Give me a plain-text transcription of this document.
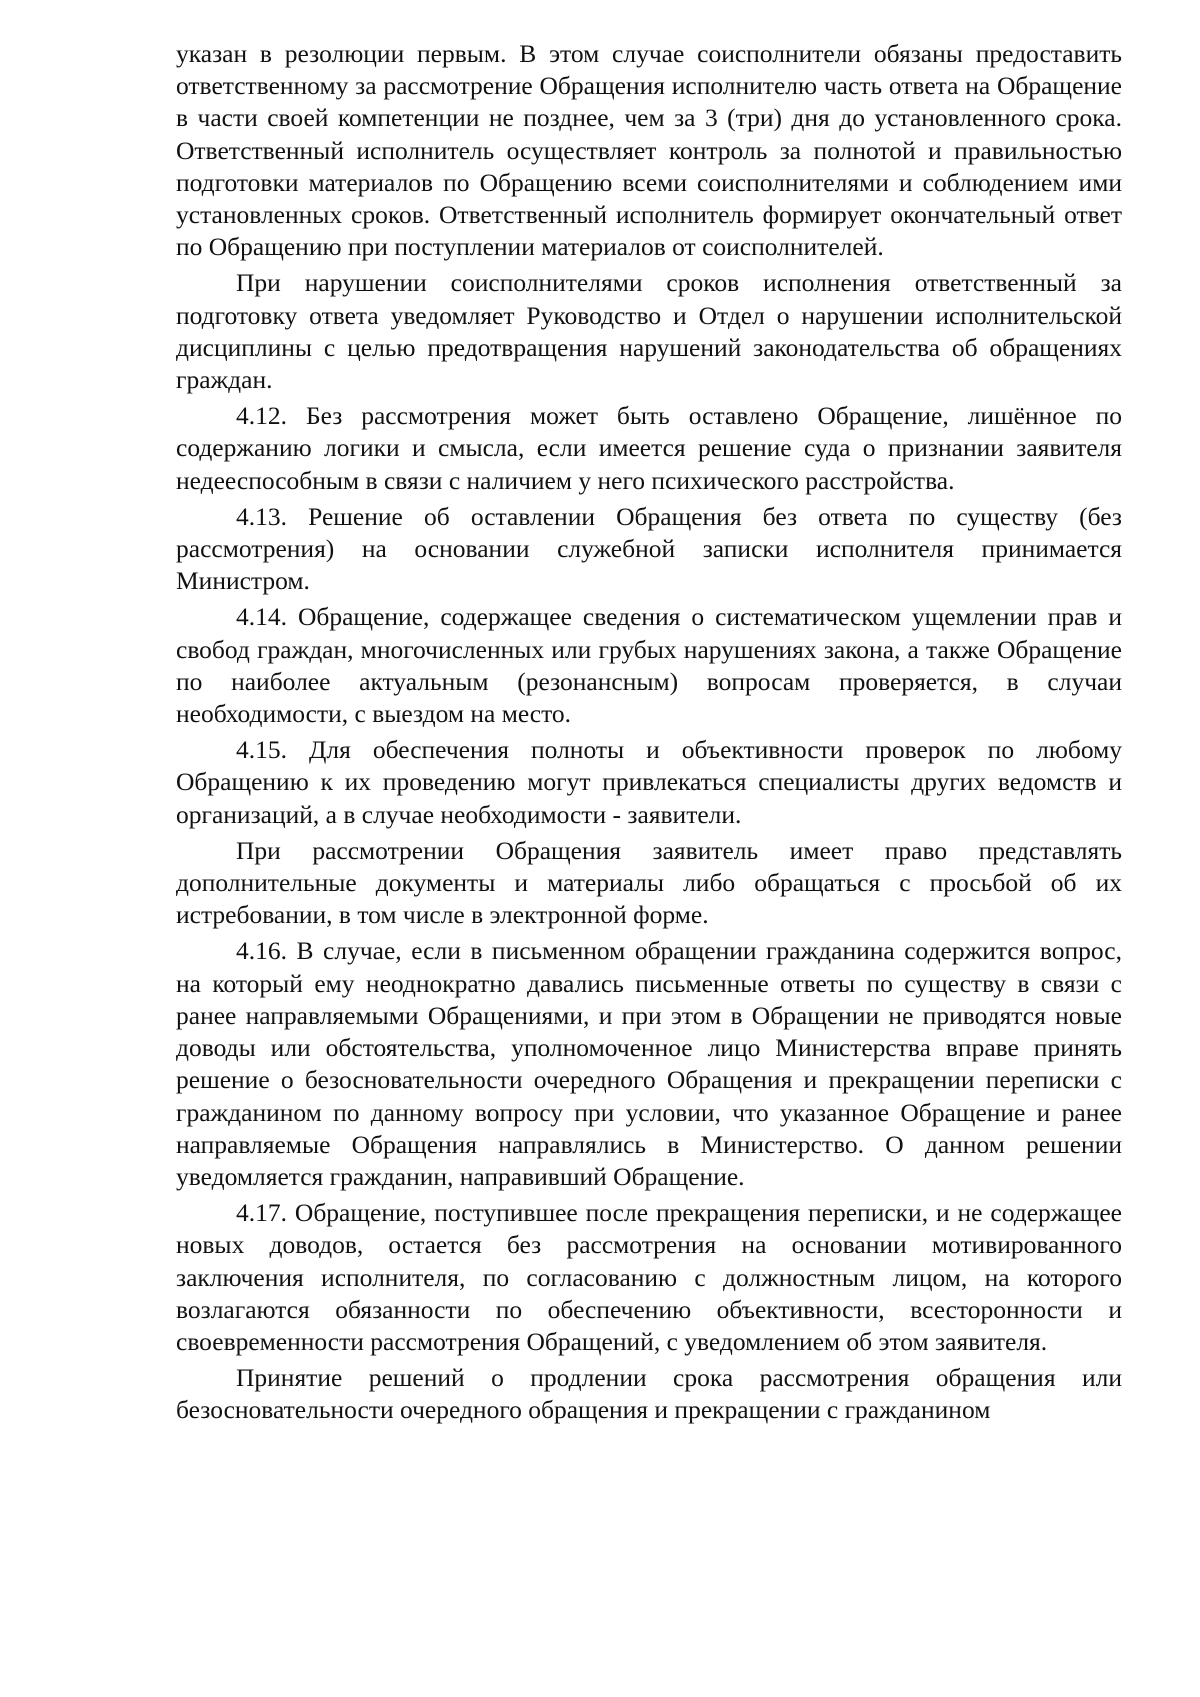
указан в резолюции первым. В этом случае соисполнители обязаны предоставить ответственному за рассмотрение Обращения исполнителю часть ответа на Обращение в части своей компетенции не позднее, чем за 3 (три) дня до установленного срока. Ответственный исполнитель осуществляет контроль за полнотой и правильностью подготовки материалов по Обращению всеми соисполнителями и соблюдением ими установленных сроков. Ответственный исполнитель формирует окончательный ответ по Обращению при поступлении материалов от соисполнителей.

При нарушении соисполнителями сроков исполнения ответственный за подготовку ответа уведомляет Руководство и Отдел о нарушении исполнительской дисциплины с целью предотвращения нарушений законодательства об обращениях граждан.

4.12. Без рассмотрения может быть оставлено Обращение, лишённое по содержанию логики и смысла, если имеется решение суда о признании заявителя недееспособным в связи с наличием у него психического расстройства.

4.13. Решение об оставлении Обращения без ответа по существу (без рассмотрения) на основании служебной записки исполнителя принимается Министром.

4.14. Обращение, содержащее сведения о систематическом ущемлении прав и свобод граждан, многочисленных или грубых нарушениях закона, а также Обращение по наиболее актуальным (резонансным) вопросам проверяется, в случаи необходимости, с выездом на место.

4.15. Для обеспечения полноты и объективности проверок по любому Обращению к их проведению могут привлекаться специалисты других ведомств и организаций, а в случае необходимости - заявители.

При рассмотрении Обращения заявитель имеет право представлять дополнительные документы и материалы либо обращаться с просьбой об их истребовании, в том числе в электронной форме.

4.16. В случае, если в письменном обращении гражданина содержится вопрос, на который ему неоднократно давались письменные ответы по существу в связи с ранее направляемыми Обращениями, и при этом в Обращении не приводятся новые доводы или обстоятельства, уполномоченное лицо Министерства вправе принять решение о безосновательности очередного Обращения и прекращении переписки с гражданином по данному вопросу при условии, что указанное Обращение и ранее направляемые Обращения направлялись в Министерство. О данном решении уведомляется гражданин, направивший Обращение.

4.17. Обращение, поступившее после прекращения переписки, и не содержащее новых доводов, остается без рассмотрения на основании мотивированного заключения исполнителя, по согласованию с должностным лицом, на которого возлагаются обязанности по обеспечению объективности, всесторонности и своевременности рассмотрения Обращений, с уведомлением об этом заявителя.

Принятие решений о продлении срока рассмотрения обращения или безосновательности очередного обращения и прекращении с гражданином
